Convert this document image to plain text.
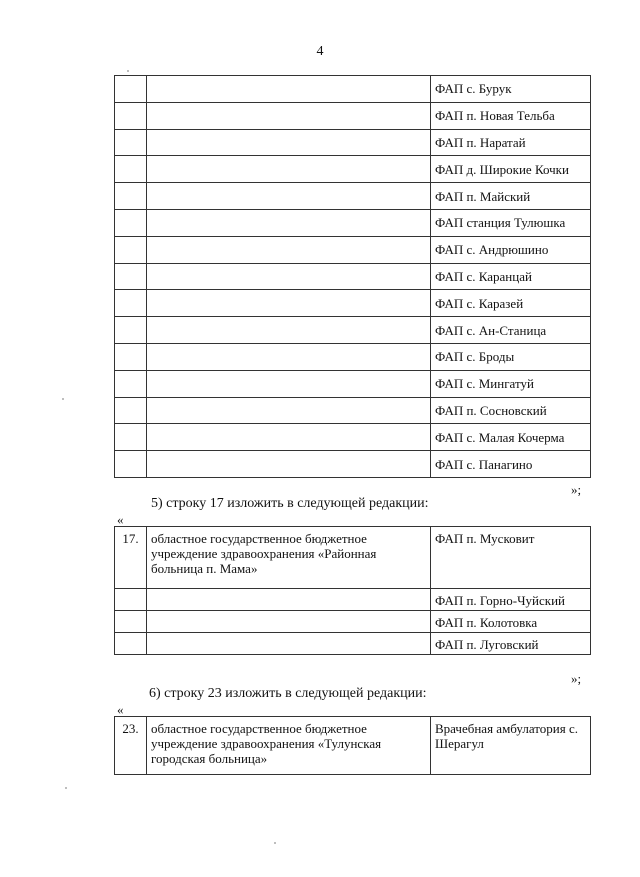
4
		ФАП с. Бурук
		ФАП п. Новая Тельба
		ФАП п. Наратай
		ФАП д. Широкие Кочки
		ФАП п. Майский
		ФАП станция Тулюшка
		ФАП с. Андрюшино
		ФАП с. Каранцай
		ФАП с. Каразей
		ФАП с. Ан-Станица
		ФАП с. Броды
		ФАП с. Мингатуй
		ФАП п. Сосновский
		ФАП с. Малая Кочерма
		ФАП с. Панагино
»;
5) строку 17 изложить в следующей редакции:
«
17.	областное государственное бюджетное учреждение здравоохранения «Районная больница п. Мама»	ФАП п. Мусковит
		ФАП п. Горно-Чуйский
		ФАП п. Колотовка
		ФАП п. Луговский
»;
6) строку 23 изложить в следующей редакции:
«
23.	областное государственное бюджетное учреждение здравоохранения «Тулунская городская больница»	Врачебная амбулатория с. Шерагул
